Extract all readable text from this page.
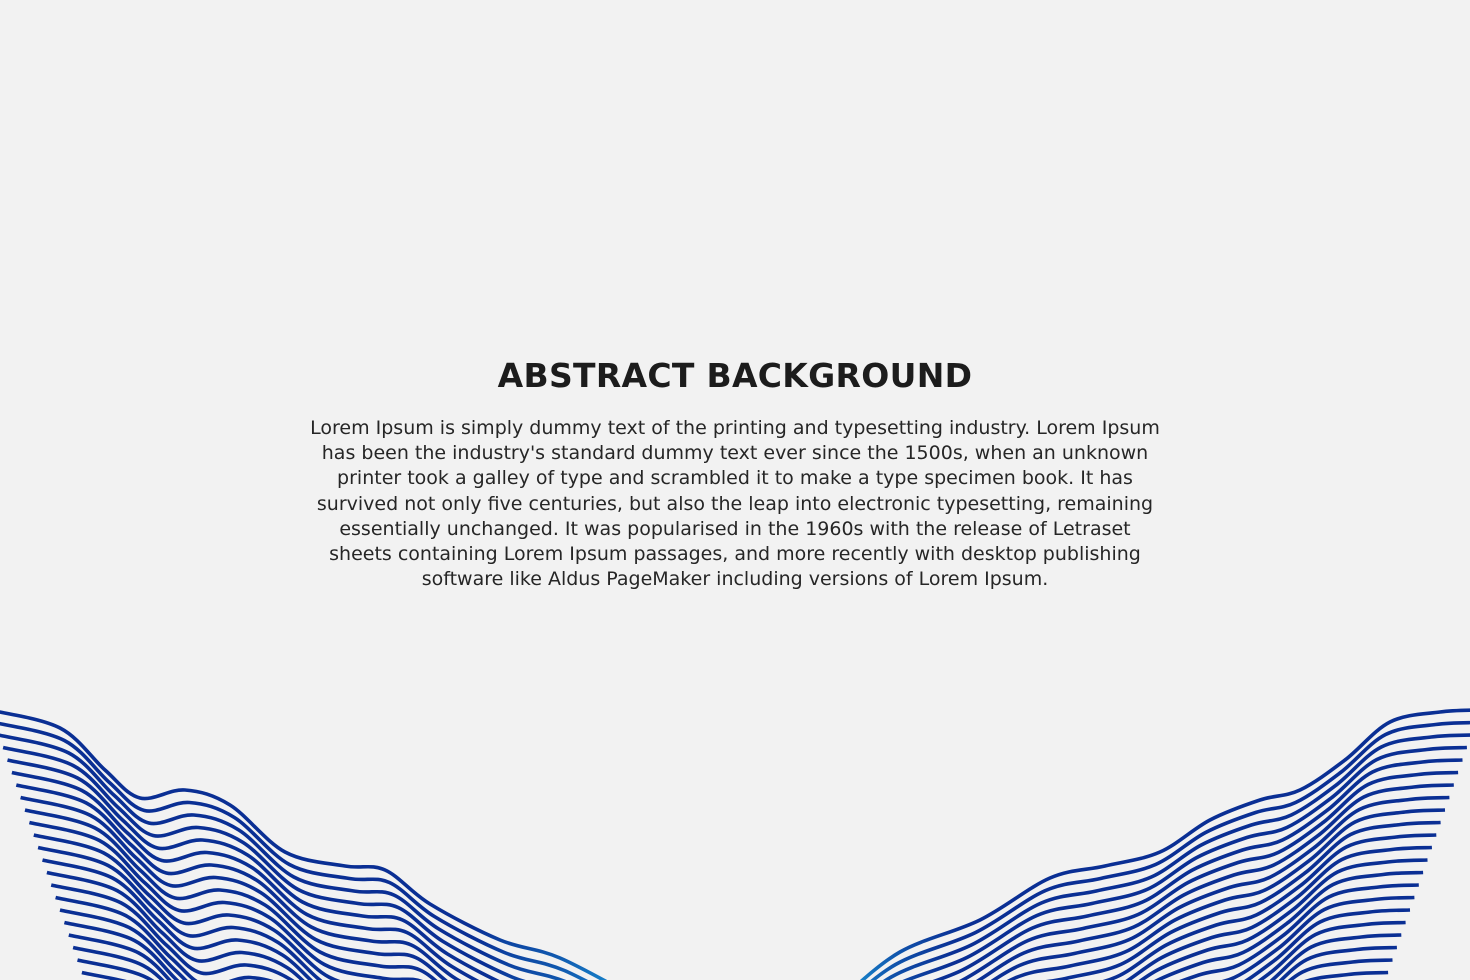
ABSTRACT BACKGROUND

Lorem Ipsum is simply dummy text of the printing and typesetting industry. Lorem Ipsum has been the industry's standard dummy text ever since the 1500s, when an unknown printer took a galley of type and scrambled it to make a type specimen book. It has survived not only five centuries, but also the leap into electronic typesetting, remaining essentially unchanged. It was popularised in the 1960s with the release of Letraset sheets containing Lorem Ipsum passages, and more recently with desktop publishing software like Aldus PageMaker including versions of Lorem Ipsum.
